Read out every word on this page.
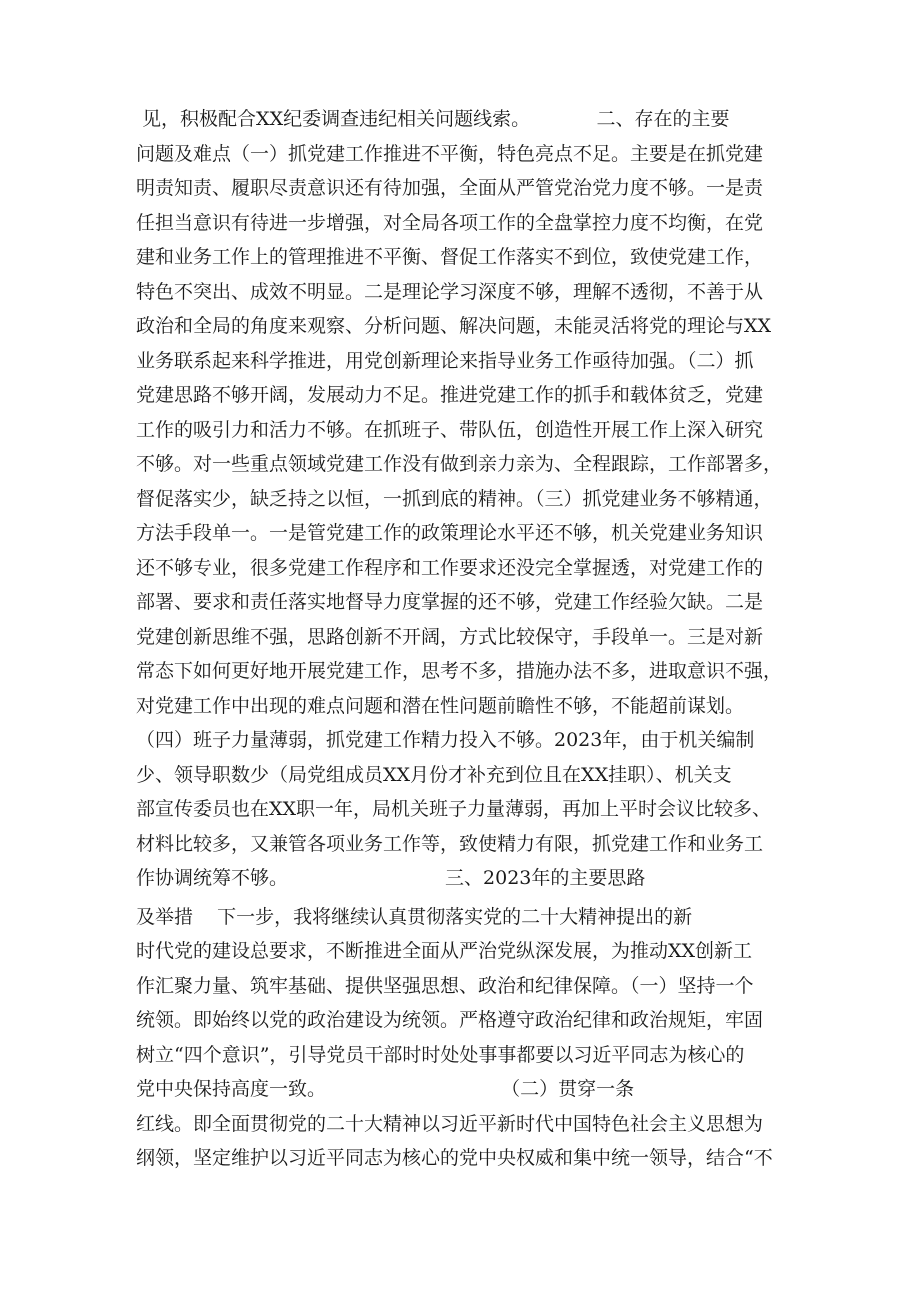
见，积极配合XX纪委调查违纪相关问题线索。           二、存在的主要
问题及难点（一）抓党建工作推进不平衡，特色亮点不足。主要是在抓党建
明责知责、履职尽责意识还有待加强，全面从严管党治党力度不够。一是责
任担当意识有待进一步增强，对全局各项工作的全盘掌控力度不均衡，在党
建和业务工作上的管理推进不平衡、督促工作落实不到位，致使党建工作，
特色不突出、成效不明显。二是理论学习深度不够，理解不透彻，不善于从
政治和全局的角度来观察、分析问题、解决问题，未能灵活将党的理论与XX
业务联系起来科学推进，用党创新理论来指导业务工作亟待加强。（二）抓
党建思路不够开阔，发展动力不足。推进党建工作的抓手和载体贫乏，党建
工作的吸引力和活力不够。在抓班子、带队伍，创造性开展工作上深入研究
不够。对一些重点领域党建工作没有做到亲力亲为、全程跟踪，工作部署多，
督促落实少，缺乏持之以恒，一抓到底的精神。（三）抓党建业务不够精通，
方法手段单一。一是管党建工作的政策理论水平还不够，机关党建业务知识
还不够专业，很多党建工作程序和工作要求还没完全掌握透，对党建工作的
部署、要求和责任落实地督导力度掌握的还不够，党建工作经验欠缺。二是
党建创新思维不强，思路创新不开阔，方式比较保守，手段单一。三是对新
常态下如何更好地开展党建工作，思考不多，措施办法不多，进取意识不强，
对党建工作中出现的难点问题和潜在性问题前瞻性不够，不能超前谋划。
（四）班子力量薄弱，抓党建工作精力投入不够。2023年，由于机关编制
少、领导职数少（局党组成员XX月份才补充到位且在XX挂职）、机关支
部宣传委员也在XX职一年，局机关班子力量薄弱，再加上平时会议比较多、
材料比较多，又兼管各项业务工作等，致使精力有限，抓党建工作和业务工
作协调统筹不够。                          三、2023年的主要思路
及举措    下一步，我将继续认真贯彻落实党的二十大精神提出的新
时代党的建设总要求，不断推进全面从严治党纵深发展，为推动XX创新工
作汇聚力量、筑牢基础、提供坚强思想、政治和纪律保障。（一）坚持一个
统领。即始终以党的政治建设为统领。严格遵守政治纪律和政治规矩，牢固
树立“四个意识”，引导党员干部时时处处事事都要以习近平同志为核心的
党中央保持高度一致。                             （二）贯穿一条
红线。即全面贯彻党的二十大精神以习近平新时代中国特色社会主义思想为
纲领，坚定维护以习近平同志为核心的党中央权威和集中统一领导，结合“不
